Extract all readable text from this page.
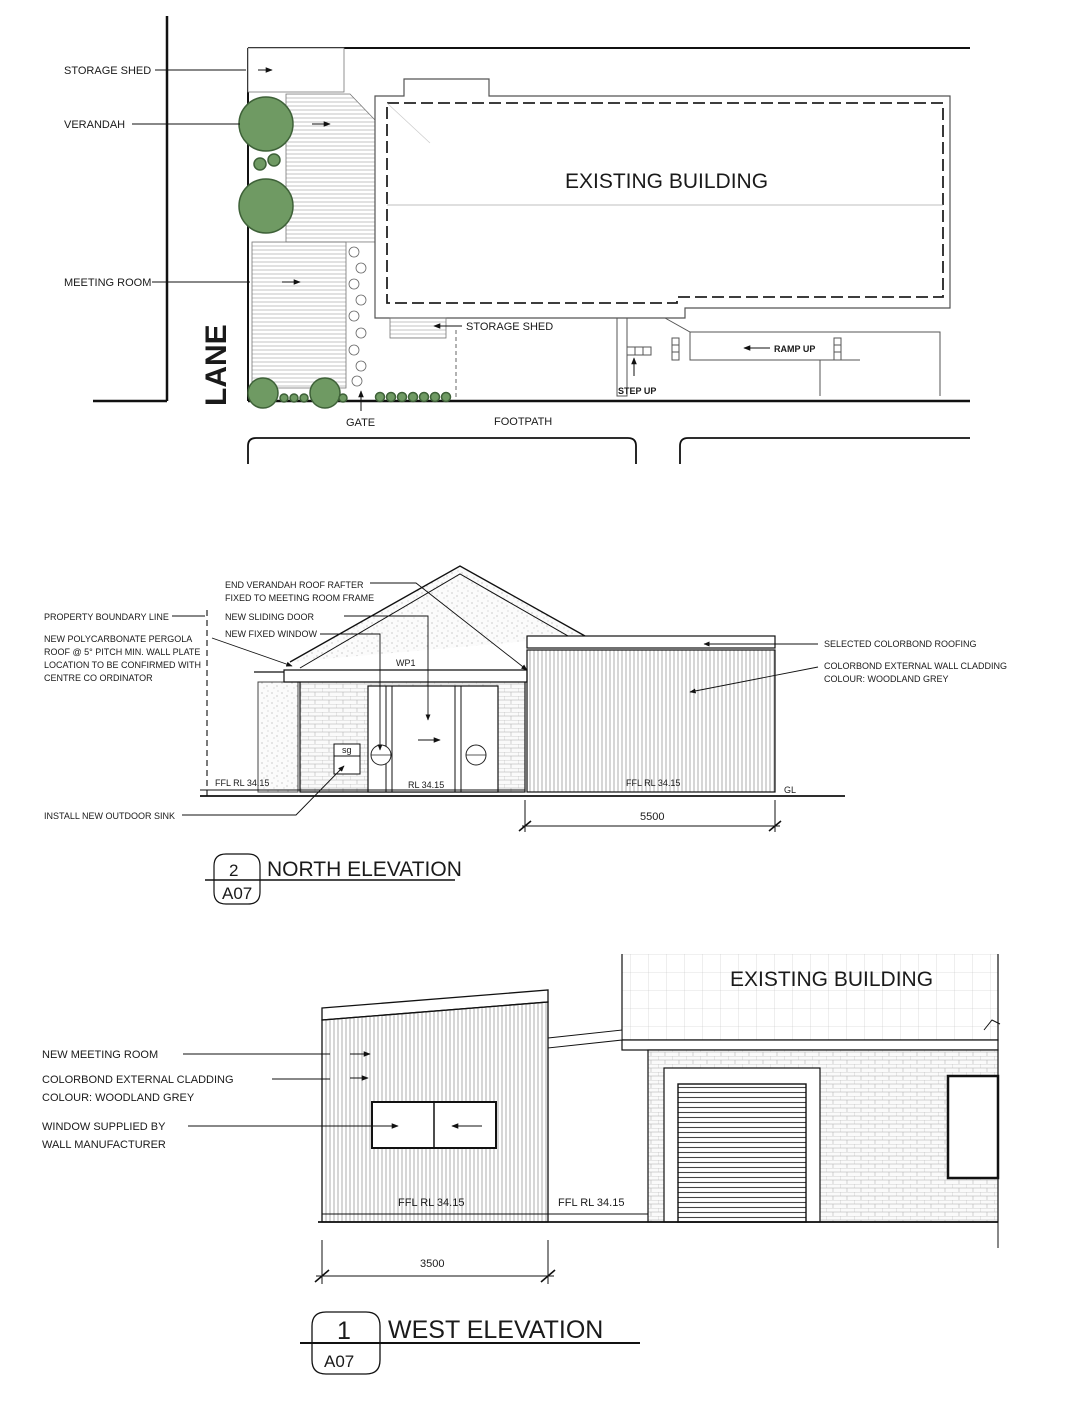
STORAGE SHED
VERANDAH
MEETING ROOM
EXISTING BUILDING
STORAGE SHED
RAMP UP
STEP UP
LANE
GATE	FOOTPATH
END VERANDAH ROOF RAFTER
FIXED TO MEETING ROOM FRAME
PROPERTY BOUNDARY LINE	NEW SLIDING DOOR
NEW FIXED WINDOW
NEW POLYCARBONATE PERGOLA
ROOF @ 5° PITCH MIN. WALL PLATE
LOCATION TO BE CONFIRMED WITH
CENTRE CO ORDINATOR
SELECTED COLORBOND ROOFING
COLORBOND EXTERNAL WALL CLADDING
COLOUR: WOODLAND GREY
WP1
sg
FFL RL 34.15	RL 34.15	FFL RL 34.15
GL
INSTALL NEW OUTDOOR SINK	5500
2
A07
NORTH ELEVATION
EXISTING BUILDING
NEW MEETING ROOM
COLORBOND EXTERNAL CLADDING
COLOUR: WOODLAND GREY
WINDOW SUPPLIED BY
WALL MANUFACTURER
FFL RL 34.15	FFL RL 34.15
3500
1
A07
WEST ELEVATION
